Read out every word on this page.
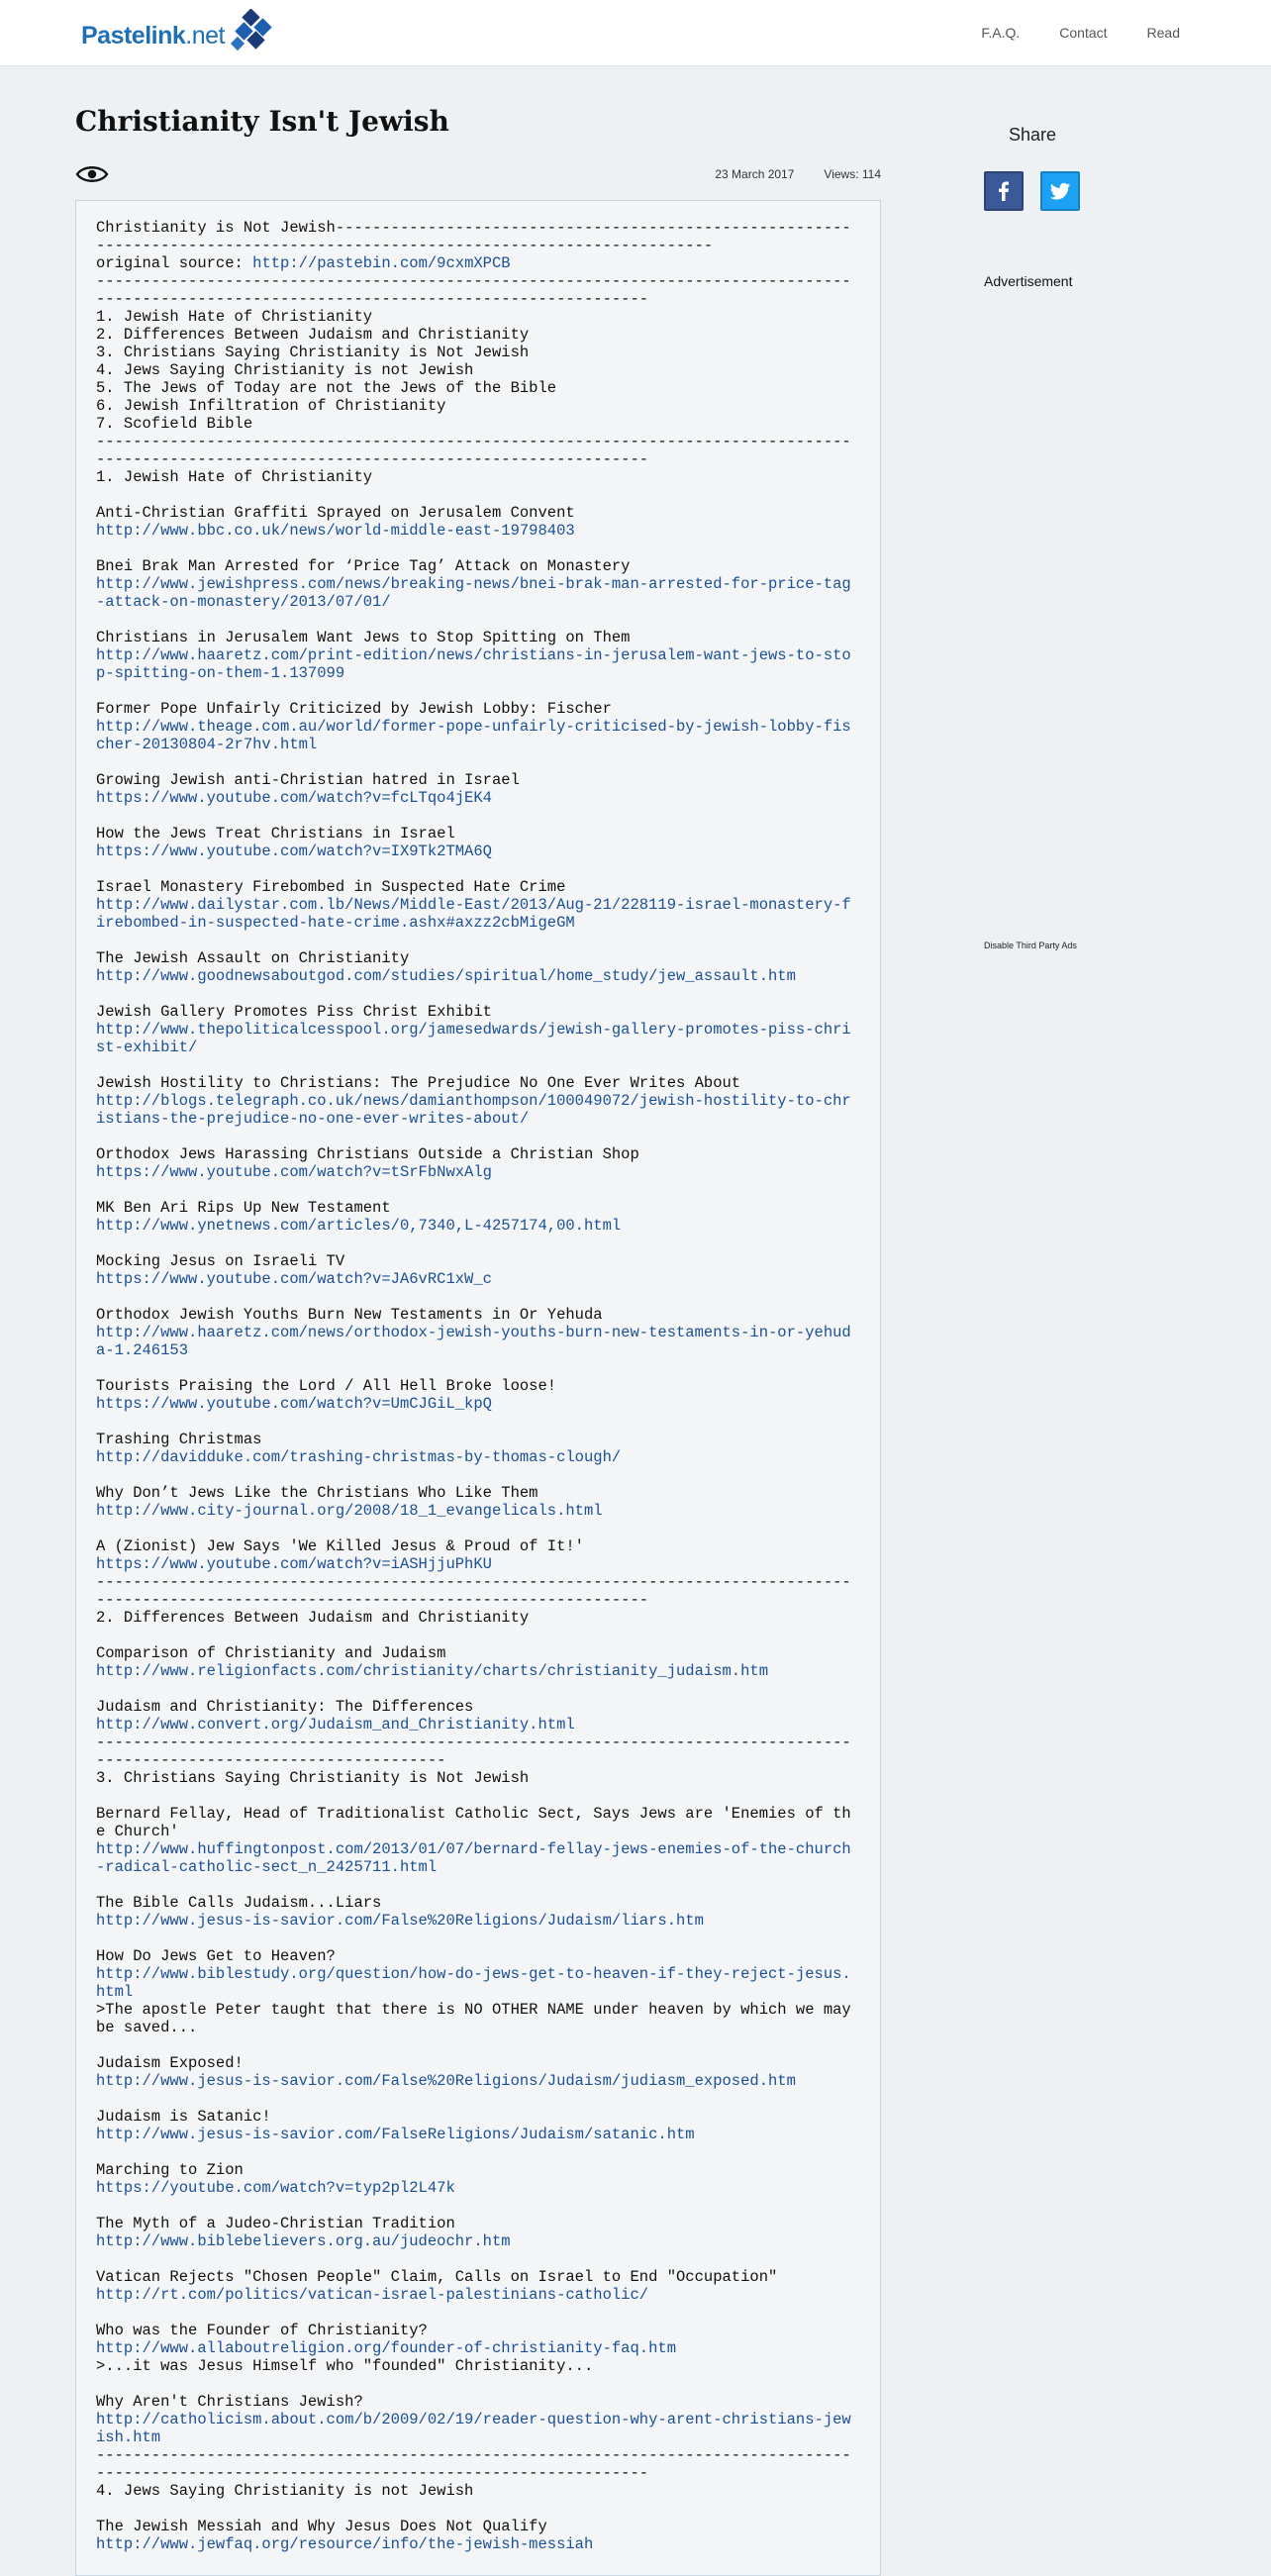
Pastelink.net	F.A.Q.	Contact	Read
Christianity Isn't Jewish
23 March 2017	Views: 114
Christianity is Not Jewish---------------------------------------------------------------------------------------------------------------------------
original source: http://pastebin.com/9cxmXPCB
----------------------------------------------------------------------------------------------------------------------------------------------
1. Jewish Hate of Christianity
2. Differences Between Judaism and Christianity
3. Christians Saying Christianity is Not Jewish
4. Jews Saying Christianity is not Jewish
5. The Jews of Today are not the Jews of the Bible
6. Jewish Infiltration of Christianity
7. Scofield Bible
----------------------------------------------------------------------------------------------------------------------------------------------
1. Jewish Hate of Christianity

Anti-Christian Graffiti Sprayed on Jerusalem Convent
http://www.bbc.co.uk/news/world-middle-east-19798403

Bnei Brak Man Arrested for ‘Price Tag’ Attack on Monastery
http://www.jewishpress.com/news/breaking-news/bnei-brak-man-arrested-for-price-tag-attack-on-monastery/2013/07/01/

Christians in Jerusalem Want Jews to Stop Spitting on Them
http://www.haaretz.com/print-edition/news/christians-in-jerusalem-want-jews-to-stop-spitting-on-them-1.137099

Former Pope Unfairly Criticized by Jewish Lobby: Fischer
http://www.theage.com.au/world/former-pope-unfairly-criticised-by-jewish-lobby-fischer-20130804-2r7hv.html

Growing Jewish anti-Christian hatred in Israel
https://www.youtube.com/watch?v=fcLTqo4jEK4

How the Jews Treat Christians in Israel
https://www.youtube.com/watch?v=IX9Tk2TMA6Q

Israel Monastery Firebombed in Suspected Hate Crime
http://www.dailystar.com.lb/News/Middle-East/2013/Aug-21/228119-israel-monastery-firebombed-in-suspected-hate-crime.ashx#axzz2cbMigeGM

The Jewish Assault on Christianity
http://www.goodnewsaboutgod.com/studies/spiritual/home_study/jew_assault.htm

Jewish Gallery Promotes Piss Christ Exhibit
http://www.thepoliticalcesspool.org/jamesedwards/jewish-gallery-promotes-piss-christ-exhibit/

Jewish Hostility to Christians: The Prejudice No One Ever Writes About
http://blogs.telegraph.co.uk/news/damianthompson/100049072/jewish-hostility-to-christians-the-prejudice-no-one-ever-writes-about/

Orthodox Jews Harassing Christians Outside a Christian Shop
https://www.youtube.com/watch?v=tSrFbNwxAlg

MK Ben Ari Rips Up New Testament
http://www.ynetnews.com/articles/0,7340,L-4257174,00.html

Mocking Jesus on Israeli TV
https://www.youtube.com/watch?v=JA6vRC1xW_c

Orthodox Jewish Youths Burn New Testaments in Or Yehuda
http://www.haaretz.com/news/orthodox-jewish-youths-burn-new-testaments-in-or-yehuda-1.246153

Tourists Praising the Lord / All Hell Broke loose!
https://www.youtube.com/watch?v=UmCJGiL_kpQ

Trashing Christmas
http://davidduke.com/trashing-christmas-by-thomas-clough/

Why Don’t Jews Like the Christians Who Like Them
http://www.city-journal.org/2008/18_1_evangelicals.html

A (Zionist) Jew Says 'We Killed Jesus & Proud of It!'
https://www.youtube.com/watch?v=iASHjjuPhKU
----------------------------------------------------------------------------------------------------------------------------------------------
2. Differences Between Judaism and Christianity

Comparison of Christianity and Judaism
http://www.religionfacts.com/christianity/charts/christianity_judaism.htm

Judaism and Christianity: The Differences
http://www.convert.org/Judaism_and_Christianity.html
------------------------------------------------------------------------------------------------------------------------
3. Christians Saying Christianity is Not Jewish

Bernard Fellay, Head of Traditionalist Catholic Sect, Says Jews are 'Enemies of the Church'
http://www.huffingtonpost.com/2013/01/07/bernard-fellay-jews-enemies-of-the-church-radical-catholic-sect_n_2425711.html

The Bible Calls Judaism...Liars
http://www.jesus-is-savior.com/False%20Religions/Judaism/liars.htm

How Do Jews Get to Heaven?
http://www.biblestudy.org/question/how-do-jews-get-to-heaven-if-they-reject-jesus.html
>The apostle Peter taught that there is NO OTHER NAME under heaven by which we may be saved...

Judaism Exposed!
http://www.jesus-is-savior.com/False%20Religions/Judaism/judiasm_exposed.htm

Judaism is Satanic!
http://www.jesus-is-savior.com/FalseReligions/Judaism/satanic.htm

Marching to Zion
https://youtube.com/watch?v=typ2pl2L47k

The Myth of a Judeo-Christian Tradition
http://www.biblebelievers.org.au/judeochr.htm

Vatican Rejects "Chosen People" Claim, Calls on Israel to End "Occupation"
http://rt.com/politics/vatican-israel-palestinians-catholic/

Who was the Founder of Christianity?
http://www.allaboutreligion.org/founder-of-christianity-faq.htm
>...it was Jesus Himself who "founded" Christianity...

Why Aren't Christians Jewish?
http://catholicism.about.com/b/2009/02/19/reader-question-why-arent-christians-jewish.htm
----------------------------------------------------------------------------------------------------------------------------------------------
4. Jews Saying Christianity is not Jewish

The Jewish Messiah and Why Jesus Does Not Qualify
http://www.jewfaq.org/resource/info/the-jewish-messiah
Share
Advertisement
Disable Third Party Ads
